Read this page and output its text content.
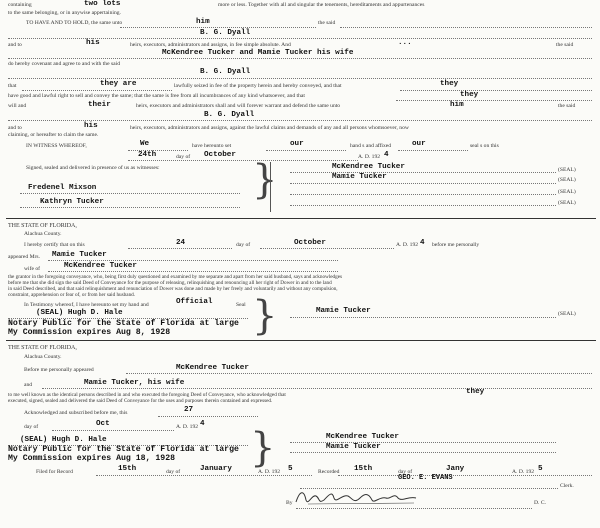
containing	two lots	more or less. Together with all and singular the tenements, hereditaments and appurtenances
to the same belonging, or in anywise appertaining.
TO HAVE AND TO HOLD, the same unto	him	the said
B. G. Dyall
and to	his	heirs, executors, administrators and assigns, in fee simple absolute. And	...	the said
McKendree Tucker and Mamie Tucker his wife
do hereby covenant and agree to and with the said
B. G. Dyall
that	they are	lawfully seized in fee of the property herein and hereby conveyed, and that	they
have good and lawful right to sell and convey the same; that the same is free from all incumbrances of any kind whatsoever, and that	they
will and	their	heirs, executors and administrators shall and will forever warrant and defend the same unto	him	the said
B. G. Dyall
and to	his	heirs, executors, administrators and assigns, against the lawful claims and demands of any and all persons whomsoever, now
claiming, or hereafter to claim the same.
IN WITNESS WHEREOF,	We	have hereunto set	our	hand s and affixed	our	seal s on this
24th	day of October	A. D. 192 4
Signed, sealed and delivered in presence of us as witnesses: }	McKendree Tucker	(SEAL)
Mamie Tucker	(SEAL)
(SEAL)
(SEAL)
Fredenel Mixson
Kathryn Tucker
THE STATE OF FLORIDA,
Alachua County.
I hereby certify that on this	24	day of	October	A. D. 192 4 before me personally
appeared Mrs. Mamie Tucker
wife of	McKendree Tucker
the grantor in the foregoing conveyance, who, being first duly questioned and examined by me separate and apart from her said husband, says and acknowledges
before me that she did sign the said Deed of Conveyance for the purpose of releasing, relinquishing and renouncing all her right of Dower in and to the land
in said Deed described, and that said relinquishment and renunciation of Dower was done and made by her freely and voluntarily and without any compulsion,
constraint, apprehension or fear of, or from her said husband.
In Testimony whereof, I have hereunto set my hand and	Official	Seal }	Mamie Tucker	(SEAL)
(SEAL) Hugh D. Hale
Notary Public for the State of Florida at large
My Commission expires Aug 8, 1928
THE STATE OF FLORIDA,
Alachua County.
Before me personally appeared	McKendree Tucker
and	Mamie Tucker, his wife
to me well known as the identical persons described in and who executed the foregoing Deed of Conveyance, who acknowledged that	they
executed, signed, sealed and delivered the said Deed of Conveyance for the uses and purposes therein contained and expressed.
Acknowledged and subscribed before me, this	27
day of	Oct	A. D. 192 4
(SEAL) Hugh D. Hale
Notary Public for the State of Florida at large
My Commission expires Aug 18, 1928 }	McKendree Tucker
Mamie Tucker
Filed for Record	15th	day of	January	A. D. 192 5	Recorded 15th	day of	Jany	A. D. 192 5
GEO. E. EVANS
Clerk.
By	D. C.
